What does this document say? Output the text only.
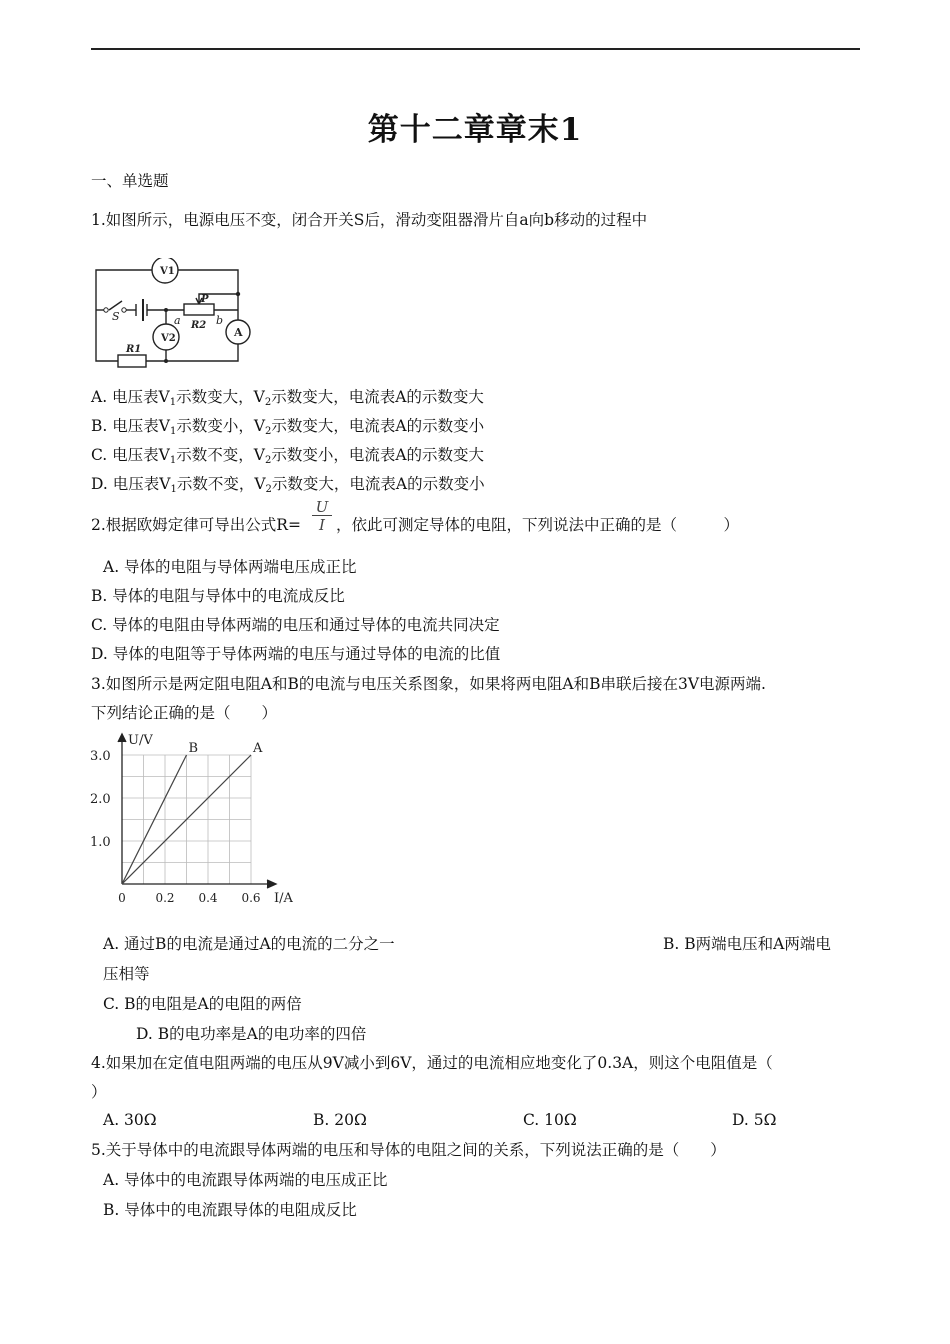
第十二章章末1
一、单选题
1.如图所示，电源电压不变，闭合开关S后，滑动变阻器滑片自a向b移动的过程中
V1
V2	A
S
P
a	b
R2
R1
A. 电压表$V_1$示数变大，$V_2$示数变大，电流表A的示数变大
B. 电压表$V_1$示数变小，$V_2$示数变大，电流表A的示数变小
C. 电压表$V_1$示数不变，$V_2$示数变小，电流表A的示数变大
D. 电压表$V_1$示数不变，$V_2$示数变大，电流表A的示数变小
2.根据欧姆定律可导出公式$R= \frac{U}{I}$ ，依此可测定导体的电阻，下列说法中正确的是（　　　）
A. 导体的电阻与导体两端电压成正比
B. 导体的电阻与导体中的电流成反比
C. 导体的电阻由导体两端的电压和通过导体的电流共同决定
D. 导体的电阻等于导体两端的电压与通过导体的电流的比值
3.如图所示是两定阻电阻A和B的电流与电压关系图象，如果将两电阻A和B串联后接在3V电源两端.
下列结论正确的是（　　）
A
B
1.0
2.0
3.0
0 0.2 0.4 0.6
U/V
I/A
A. 通过B的电流是通过A的电流的二分之一	B. B两端电压和A两端电
压相等
C. B的电阻是A的电阻的两倍
D. B的电功率是A的电功率的四倍
4.如果加在定值电阻两端的电压从9V减小到6V，通过的电流相应地变化了0.3A，则这个电阻值是（
）
A. 30Ω	B. 20Ω	C. 10Ω	D. 5Ω
5.关于导体中的电流跟导体两端的电压和导体的电阻之间的关系，下列说法正确的是（　　）
A. 导体中的电流跟导体两端的电压成正比
B. 导体中的电流跟导体的电阻成反比
